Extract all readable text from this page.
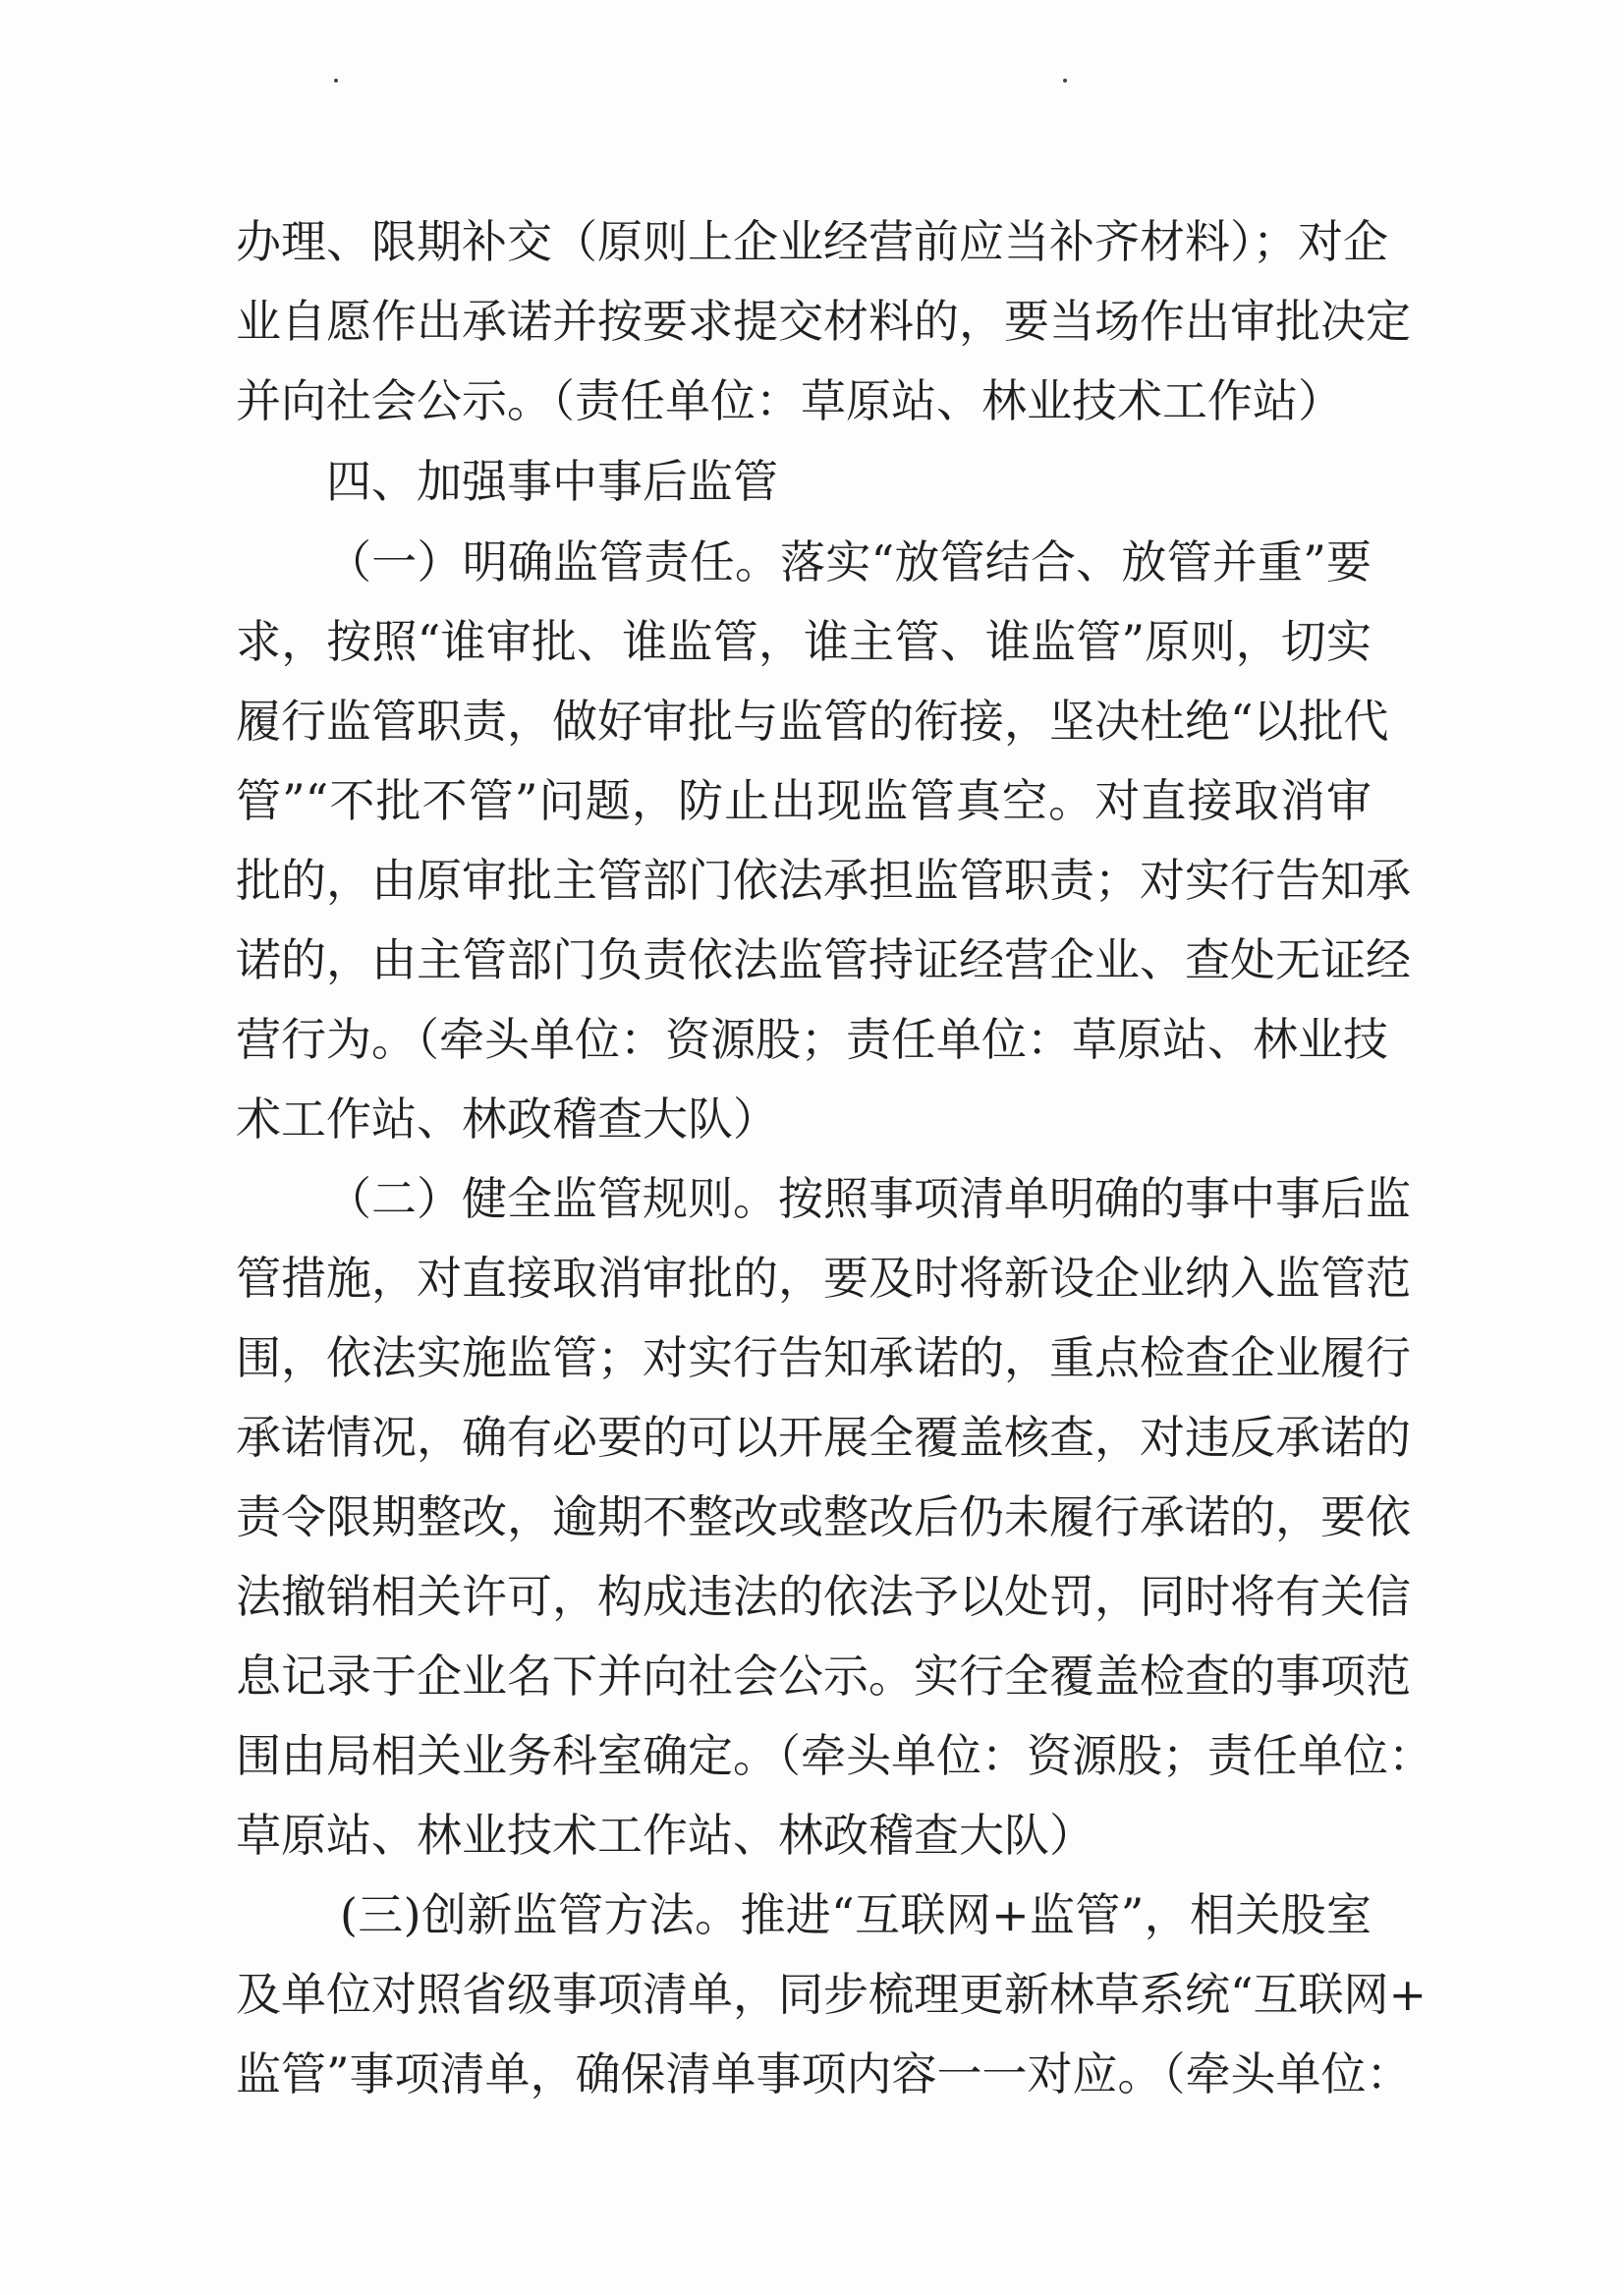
办理、限期补交（原则上企业经营前应当补齐材料）；对企
业自愿作出承诺并按要求提交材料的，要当场作出审批决定
并向社会公示。（责任单位：草原站、林业技术工作站）
四、加强事中事后监管
（一）明确监管责任。落实“放管结合、放管并重”要
求，按照“谁审批、谁监管，谁主管、谁监管”原则，切实
履行监管职责，做好审批与监管的衔接，坚决杜绝“以批代
管”“不批不管”问题，防止出现监管真空。对直接取消审
批的，由原审批主管部门依法承担监管职责；对实行告知承
诺的，由主管部门负责依法监管持证经营企业、查处无证经
营行为。（牵头单位：资源股；责任单位：草原站、林业技
术工作站、林政稽查大队）
（二）健全监管规则。按照事项清单明确的事中事后监
管措施，对直接取消审批的，要及时将新设企业纳入监管范
围，依法实施监管；对实行告知承诺的，重点检查企业履行
承诺情况，确有必要的可以开展全覆盖核查，对违反承诺的
责令限期整改，逾期不整改或整改后仍未履行承诺的，要依
法撤销相关许可，构成违法的依法予以处罚，同时将有关信
息记录于企业名下并向社会公示。实行全覆盖检查的事项范
围由局相关业务科室确定。（牵头单位：资源股；责任单位：
草原站、林业技术工作站、林政稽查大队）
(三)创新监管方法。推进“互联网+监管”，相关股室
及单位对照省级事项清单，同步梳理更新林草系统“互联网+
监管”事项清单，确保清单事项内容一一对应。（牵头单位：
